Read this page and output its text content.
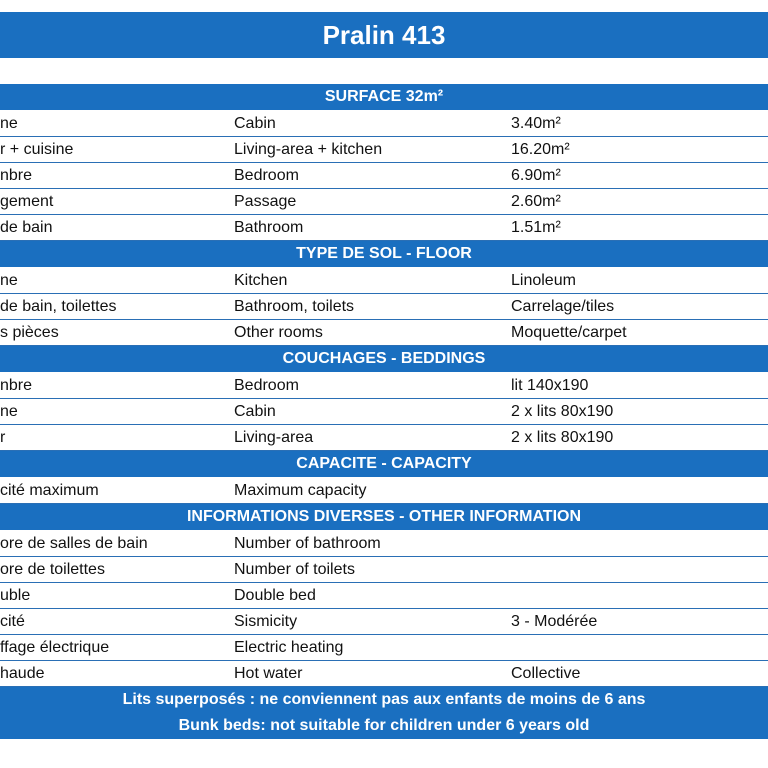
Pralin 413
SURFACE 32m²
ne	Cabin	3.40m²
r + cuisine	Living-area + kitchen	16.20m²
nbre	Bedroom	6.90m²
gement	Passage	2.60m²
de bain	Bathroom	1.51m²
TYPE DE SOL - FLOOR
ne	Kitchen	Linoleum
de bain, toilettes	Bathroom, toilets	Carrelage/tiles
s pièces	Other rooms	Moquette/carpet
COUCHAGES - BEDDINGS
nbre	Bedroom	lit 140x190
ne	Cabin	2 x lits 80x190
r	Living-area	2 x lits 80x190
CAPACITE - CAPACITY
cité maximum	Maximum capacity
INFORMATIONS DIVERSES - OTHER INFORMATION
ore de salles de bain	Number of bathroom
ore de toilettes	Number of toilets
uble	Double bed
cité	Sismicity	3 - Modérée
ffage électrique	Electric heating
haude	Hot water	Collective
Lits superposés : ne conviennent pas aux enfants de moins de 6 ans
Bunk beds: not suitable for children under 6 years old
